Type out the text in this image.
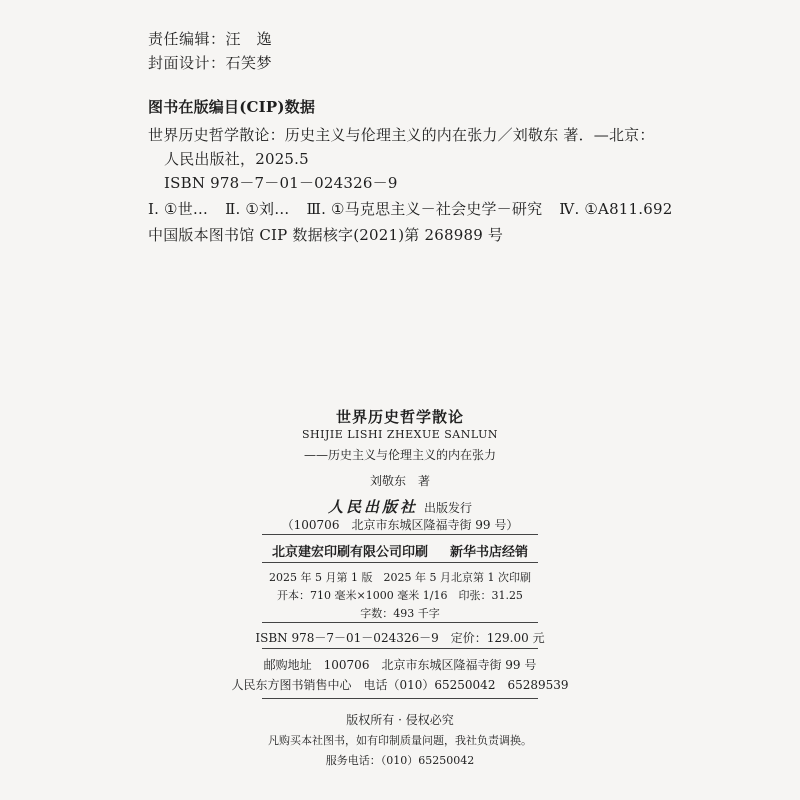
责任编辑：汪　逸
封面设计：石笑梦
图书在版编目(CIP)数据
世界历史哲学散论：历史主义与伦理主义的内在张力／刘敬东 著．—北京：
人民出版社，2025.5
ISBN 978－7－01－024326－9
Ⅰ. ①世… Ⅱ. ①刘… Ⅲ. ①马克思主义－社会史学－研究 Ⅳ. ①A811.692
中国版本图书馆 CIP 数据核字(2021)第 268989 号
世界历史哲学散论
SHIJIE LISHI ZHEXUE SANLUN
——历史主义与伦理主义的内在张力
刘敬东　著
人民出版社 出版发行
（100706　北京市东城区隆福寺街 99 号）
北京建宏印刷有限公司印刷 新华书店经销
2025 年 5 月第 1 版　2025 年 5 月北京第 1 次印刷
开本：710 毫米×1000 毫米 1/16　印张：31.25
字数：493 千字
ISBN 978－7－01－024326－9 定价：129.00 元
邮购地址　100706　北京市东城区隆福寺街 99 号
人民东方图书销售中心　电话（010）65250042　65289539
版权所有 · 侵权必究
凡购买本社图书，如有印制质量问题，我社负责调换。
服务电话：（010）65250042
